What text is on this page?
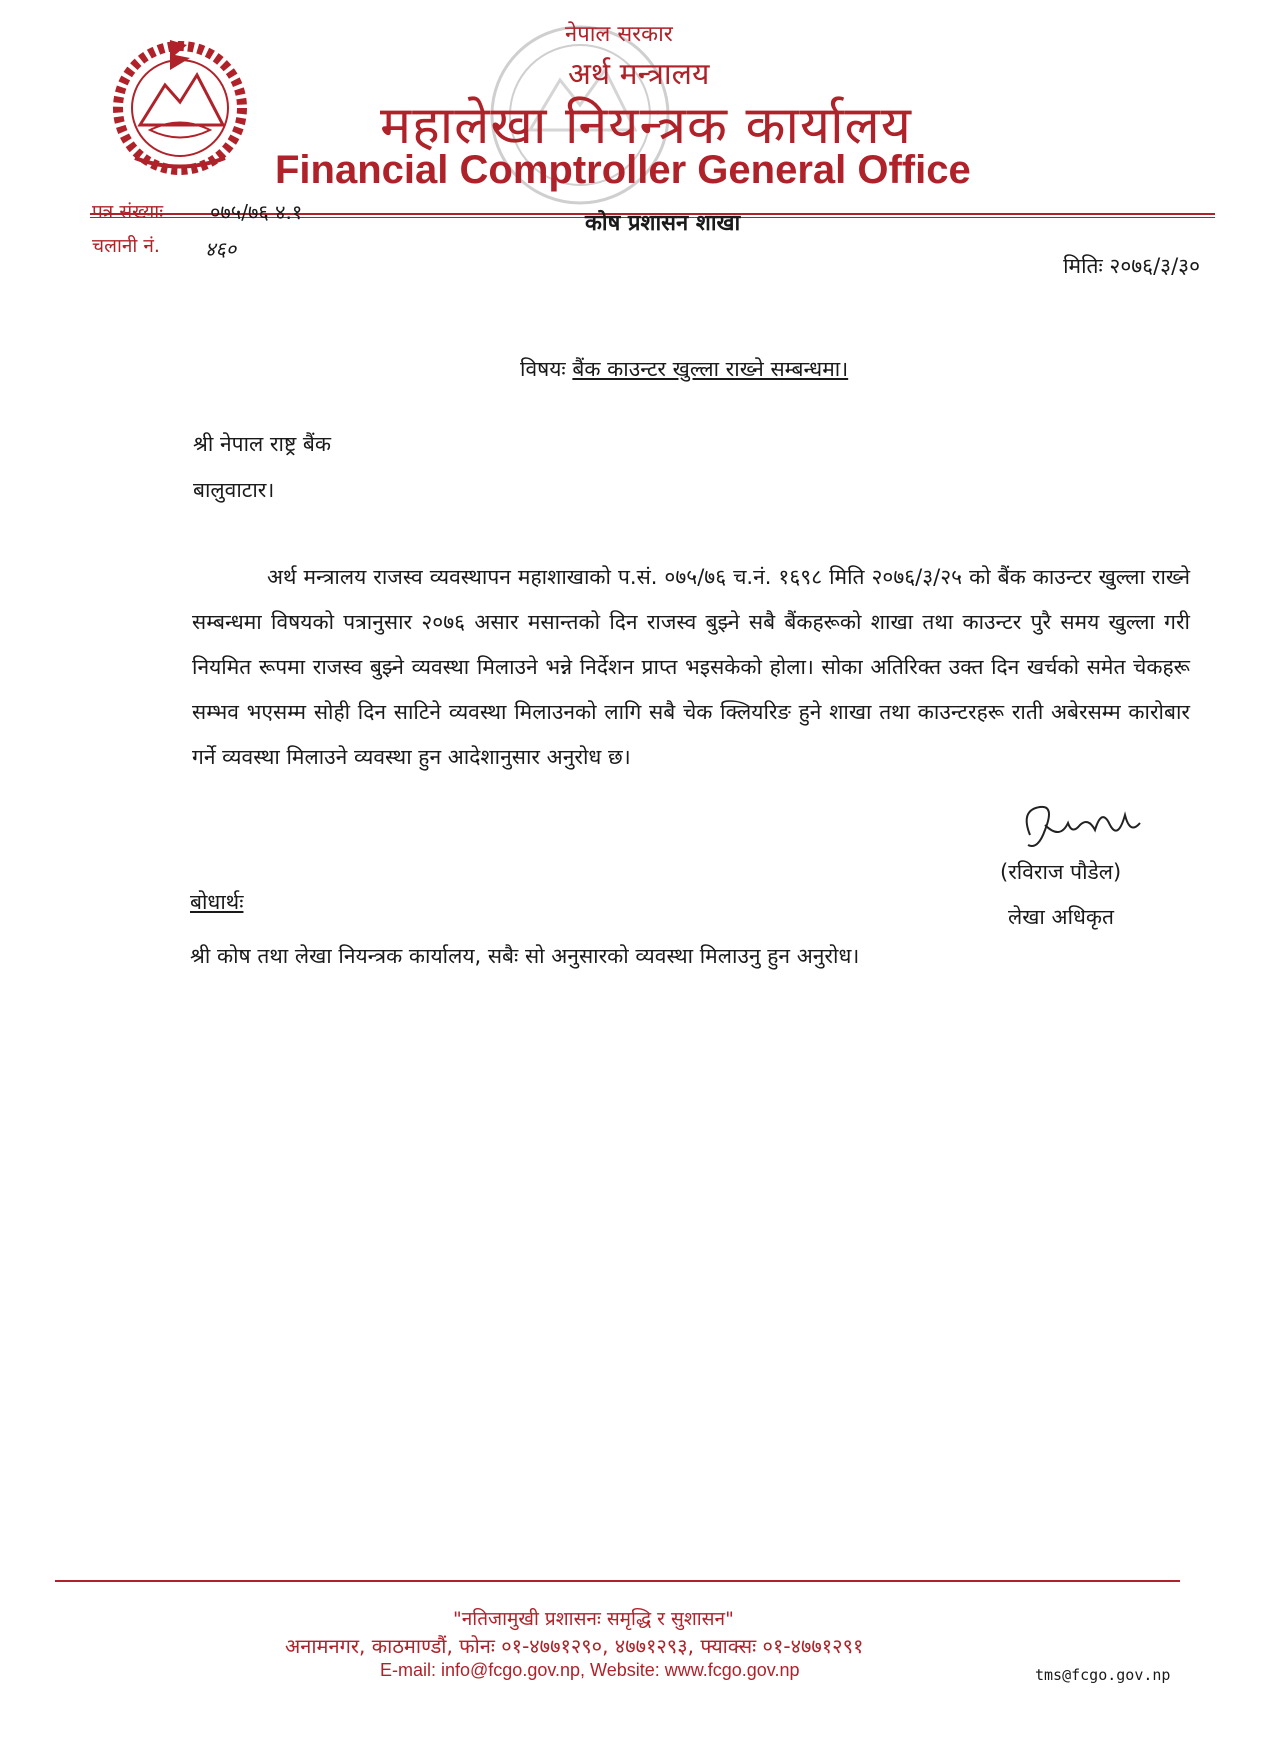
नेपाल सरकार
अर्थ मन्त्रालय
महालेखा नियन्त्रक कार्यालय
Financial Comptroller General Office
पत्र संख्याः ०७५/७६ ४.१
चलानी नं. ४६०
कोष प्रशासन शाखा
मितिः २०७६/३/३०
विषयः बैंक काउन्टर खुल्ला राख्ने सम्बन्धमा।
श्री नेपाल राष्ट्र बैंक
बालुवाटार।
अर्थ मन्त्रालय राजस्व व्यवस्थापन महाशाखाको प.सं. ०७५/७६ च.नं. १६९८ मिति २०७६/३/२५ को बैंक काउन्टर खुल्ला राख्ने सम्बन्धमा विषयको पत्रानुसार २०७६ असार मसान्तको दिन राजस्व बुझ्ने सबै बैंकहरूको शाखा तथा काउन्टर पुरै समय खुल्ला गरी नियमित रूपमा राजस्व बुझ्ने व्यवस्था मिलाउने भन्ने निर्देशन प्राप्त भइसकेको होला। सोका अतिरिक्त उक्त दिन खर्चको समेत चेकहरू सम्भव भएसम्म सोही दिन साटिने व्यवस्था मिलाउनको लागि सबै चेक क्लियरिङ हुने शाखा तथा काउन्टरहरू राती अबेरसम्म कारोबार गर्ने व्यवस्था मिलाउने व्यवस्था हुन आदेशानुसार अनुरोध छ।
(रविराज पौडेल)
लेखा अधिकृत
बोधार्थः
श्री कोष तथा लेखा नियन्त्रक कार्यालय, सबैः सो अनुसारको व्यवस्था मिलाउनु हुन अनुरोध।
"नतिजामुखी प्रशासनः समृद्धि र सुशासन"
अनामनगर, काठमाण्डौं, फोनः ०१-४७७१२९०, ४७७१२९३, फ्याक्सः ०१-४७७१२९१
E-mail: info@fcgo.gov.np, Website: www.fcgo.gov.np	tms@fcgo.gov.np
